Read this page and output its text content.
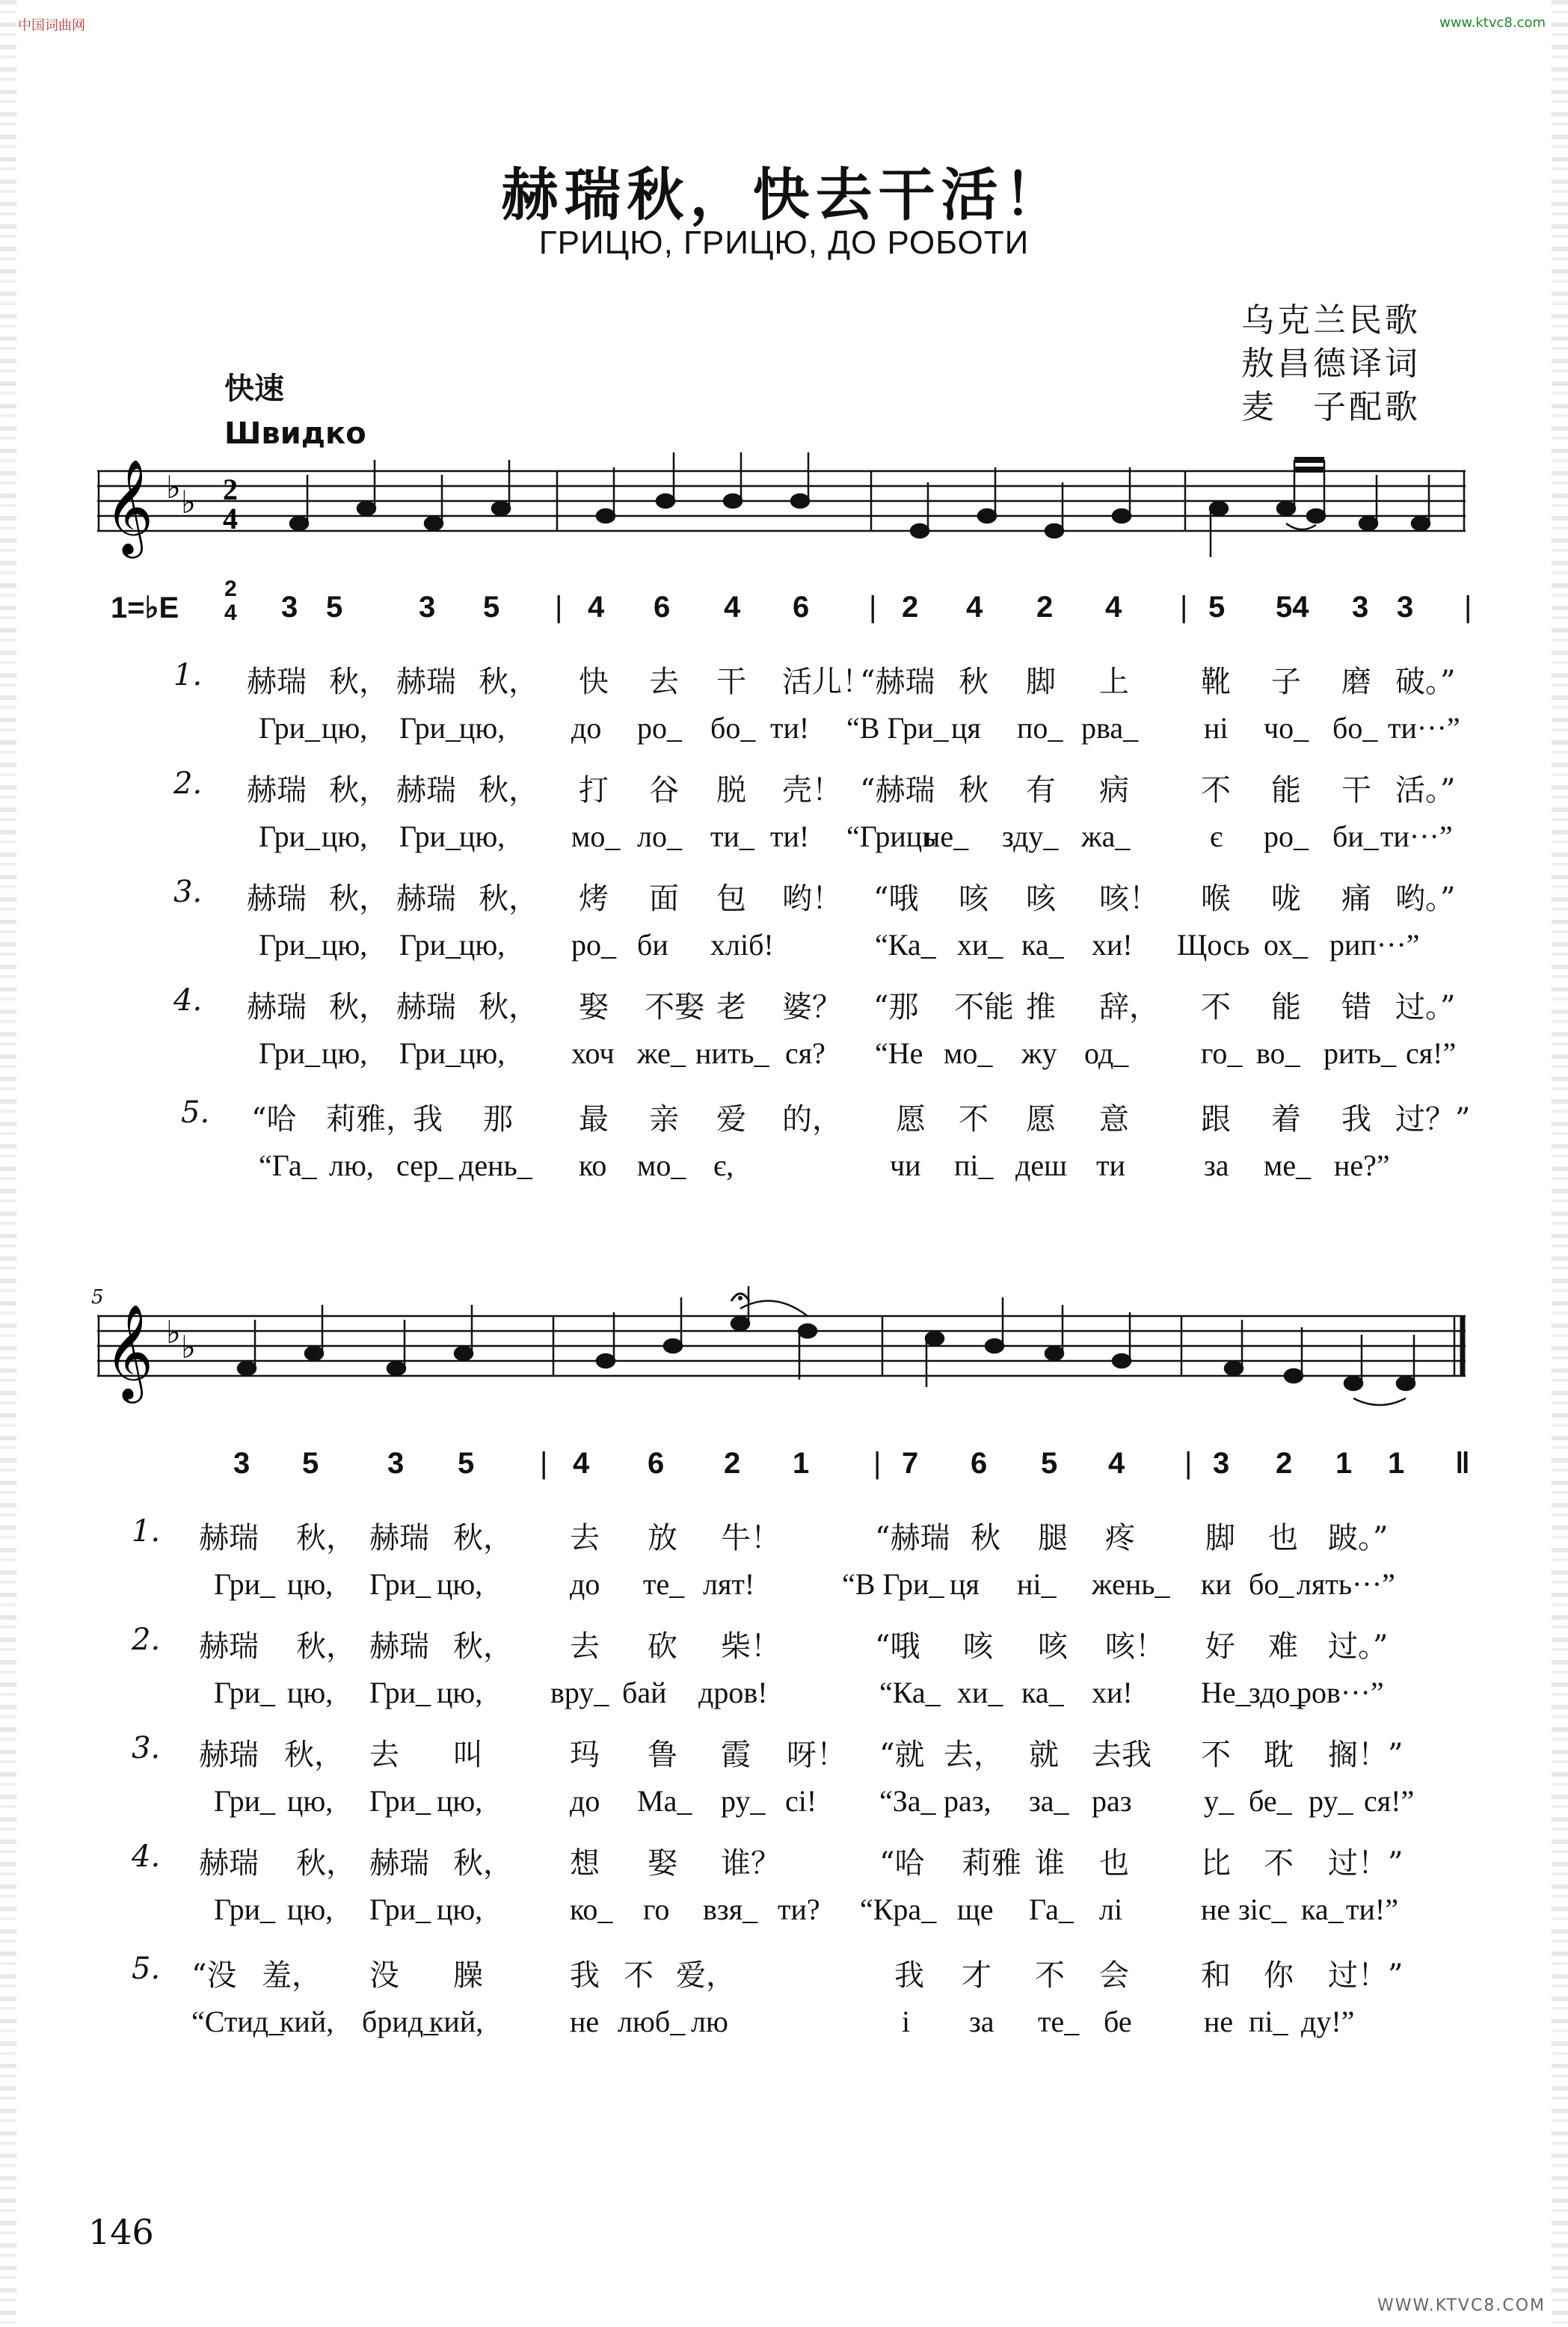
中国词曲网	www.ktvc8.com
WWW.KTVC8.COM
赫瑞秋，快去干活！
ГРИЦЮ, ГРИЦЮ, ДО РОБОТИ
乌克兰民歌
敖昌德译词
麦　子配歌
快速
Швидко
𝄞 ♭ ♭ 2
4
1=♭E
2
4 3 5	3 5 | 4 6 4 6 | 2 4 2 4 | 5 54 3 3 |
1. 赫瑞 秋， 赫瑞 秋， 快 去 干 活儿！
“赫瑞 秋 脚 上 靴 子 磨 破。”
Гри_ цю, Гри_
цю, до ро_ бо_ ти! “В Гри_ ця по_ рва_ ні чо_ бо_ ти···”
2. 赫瑞 秋， 赫瑞 秋， 打 谷 脱 壳！ “赫瑞 秋 有 病 不 能 干 活。”
Гри_ цю, Гри_
цю, мо_ ло_ ти_ ти! “Гриць
не_ зду_ жа_	є ро_ би_ ти···”
3. 赫瑞 秋， 赫瑞 秋， 烤 面 包 哟！ “哦 咳 咳 咳！ 喉 咙 痛 哟。”
Гри_ цю, Гри_
цю, ро_ би хліб!	“Ка_ хи_ ка_ хи! Щось ох_ рип···”
4. 赫瑞 秋， 赫瑞 秋， 娶 不娶 老 婆？ “那 不能 推 辞， 不 能 错 过。”
Гри_ цю, Гри_
цю, хоч же_ нить_ ся? “Не мо_ жу од_ го_ во_ рить_ ся!”
5. “哈 莉雅，
我 那 最 亲 爱 的， 愿 不 愿 意 跟 着 我 过？”
“Га_ лю, сер_ день_ ко мо_ є,	чи пі_ деш ти	за ме_ не?”
5
𝄞 ♭ ♭
3 5 3 5 | 4 6 2 1 | 7 6 5 4 | 3 2 1 1 ‖
1. 赫瑞 秋， 赫瑞 秋， 去 放 牛！	“赫瑞 秋 腿 疼 脚 也 跛。”
Гри_ цю, Гри_ цю,	до те_ лят!	“В Гри_ ця ні_ жень_ ки бо_ лять···”
2. 赫瑞 秋， 赫瑞 秋， 去 砍 柴！	“哦 咳 咳 咳！ 好 难 过。”
Гри_ цю, Гри_ цю, вру_ бай дров!	“Ка_ хи_ ка_ хи! Не_
здо_
ров···”
3. 赫瑞 秋， 去 叫	玛 鲁 霞 呀！ “就 去， 就 去我 不 耽 搁！”
Гри_ цю, Гри_ цю,	до Ма_ ру_ сі! “За_ раз, за_ раз у_ бе_ ру_ ся!”
4. 赫瑞 秋， 赫瑞 秋， 想 娶 谁？	“哈 莉雅 谁 也 比 不 过！”
Гри_ цю, Гри_ цю,	ко_ го взя_ ти? “Кра_ ще Га_ лі	не зіс_ ка_ ти!”
5. “没 羞， 没 臊	我 不 爱，	我 才 不 会 和 你 过！”
“Стид_
кий, брид_
кий,	не люб_ лю	і за те_ бе не пі_ ду!”
146
